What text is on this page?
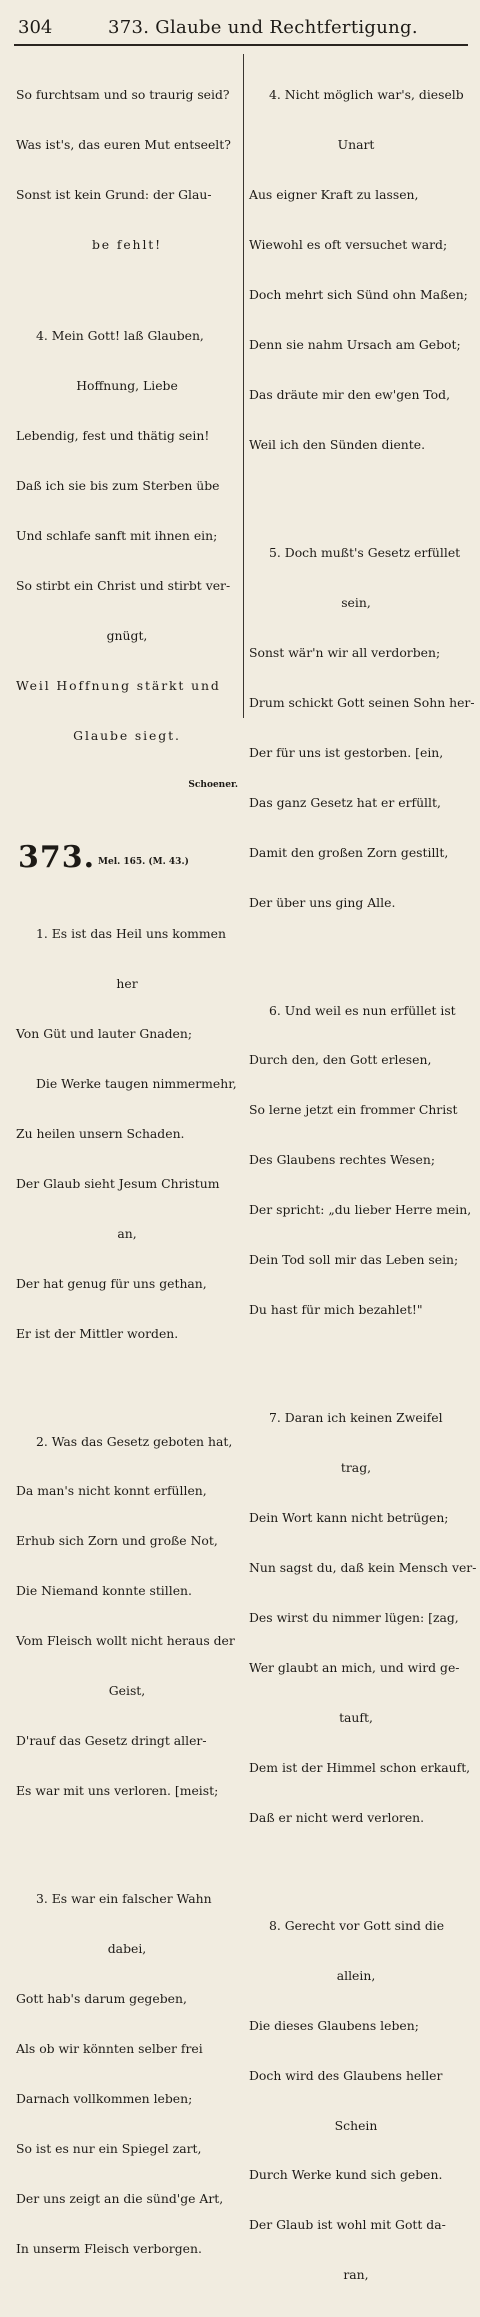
304	373. Glaube und Rechtfertigung.

So furchtsam und so traurig seid?

Was ist's, das euren Mut entseelt?

Sonst ist kein Grund: der Glau-

be fehlt!

4. Mein Gott! laß Glauben,

Hoffnung, Liebe

Lebendig, fest und thätig sein!

Daß ich sie bis zum Sterben übe

Und schlafe sanft mit ihnen ein;

So stirbt ein Christ und stirbt ver-

gnügt,

Weil Hoffnung stärkt und

Glaube siegt.

Schoener.

373.

Mel. 165. (M. 43.)

1. Es ist das Heil uns kommen

her

Von Güt und lauter Gnaden;

Die Werke taugen nimmermehr,

Zu heilen unsern Schaden.

Der Glaub sieht Jesum Christum

an,

Der hat genug für uns gethan,

Er ist der Mittler worden.

2. Was das Gesetz geboten hat,

Da man's nicht konnt erfüllen,

Erhub sich Zorn und große Not,

Die Niemand konnte stillen.

Vom Fleisch wollt nicht heraus der

Geist,

D'rauf das Gesetz dringt aller-

Es war mit uns verloren. [meist;

3. Es war ein falscher Wahn

dabei,

Gott hab's darum gegeben,

Als ob wir könnten selber frei

Darnach vollkommen leben;

So ist es nur ein Spiegel zart,

Der uns zeigt an die sünd'ge Art,

In unserm Fleisch verborgen.

4. Nicht möglich war's, dieselb

Unart

Aus eigner Kraft zu lassen,

Wiewohl es oft versuchet ward;

Doch mehrt sich Sünd ohn Maßen;

Denn sie nahm Ursach am Gebot;

Das dräute mir den ew'gen Tod,

Weil ich den Sünden diente.

5. Doch mußt's Gesetz erfüllet

sein,

Sonst wär'n wir all verdorben;

Drum schickt Gott seinen Sohn her-

Der für uns ist gestorben. [ein,

Das ganz Gesetz hat er erfüllt,

Damit den großen Zorn gestillt,

Der über uns ging Alle.

6. Und weil es nun erfüllet ist

Durch den, den Gott erlesen,

So lerne jetzt ein frommer Christ

Des Glaubens rechtes Wesen;

Der spricht: „du lieber Herre mein,

Dein Tod soll mir das Leben sein;

Du hast für mich bezahlet!"

7. Daran ich keinen Zweifel

trag,

Dein Wort kann nicht betrügen;

Nun sagst du, daß kein Mensch ver-

Des wirst du nimmer lügen: [zag,

Wer glaubt an mich, und wird ge-

tauft,

Dem ist der Himmel schon erkauft,

Daß er nicht werd verloren.

8. Gerecht vor Gott sind die

allein,

Die dieses Glaubens leben;

Doch wird des Glaubens heller

Schein

Durch Werke kund sich geben.

Der Glaub ist wohl mit Gott da-

ran,
